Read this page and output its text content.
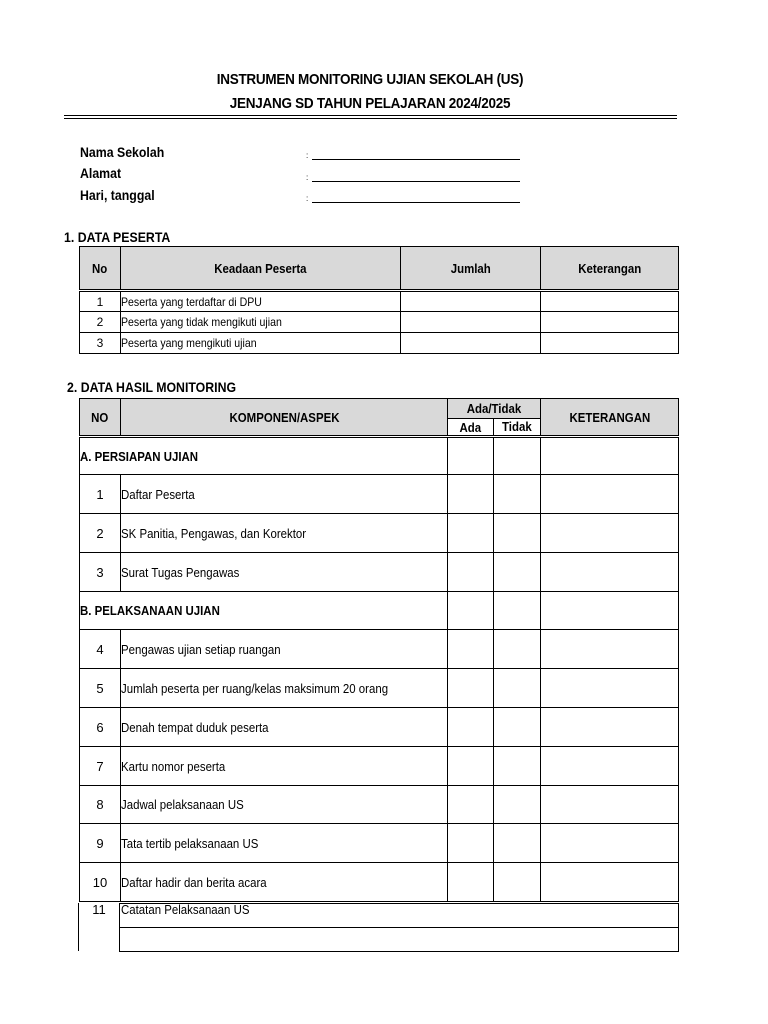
INSTRUMEN MONITORING UJIAN SEKOLAH (US)
JENJANG SD TAHUN PELAJARAN 2024/2025
Nama Sekolah	:
Alamat	:
Hari, tanggal	:
1. DATA PESERTA
No	Keadaan Peserta	Jumlah	Keterangan
1	Peserta yang terdaftar di DPU		
2	Peserta yang tidak mengikuti ujian		
3	Peserta yang mengikuti ujian		
2. DATA HASIL MONITORING
NO	KOMPONEN/ASPEK	Ada/Tidak		KETERANGAN
		Ada	Tidak	
A. PERSIAPAN UJIAN				
1	Daftar Peserta			
2	SK Panitia, Pengawas, dan Korektor			
3	Surat Tugas Pengawas			
B. PELAKSANAAN UJIAN				
4	Pengawas ujian setiap ruangan			
5	Jumlah peserta per ruang/kelas maksimum 20 orang			
6	Denah tempat duduk peserta			
7	Kartu nomor peserta			
8	Jadwal pelaksanaan US			
9	Tata tertib pelaksanaan US			
10	Daftar hadir dan berita acara			
11	Catatan Pelaksanaan US
